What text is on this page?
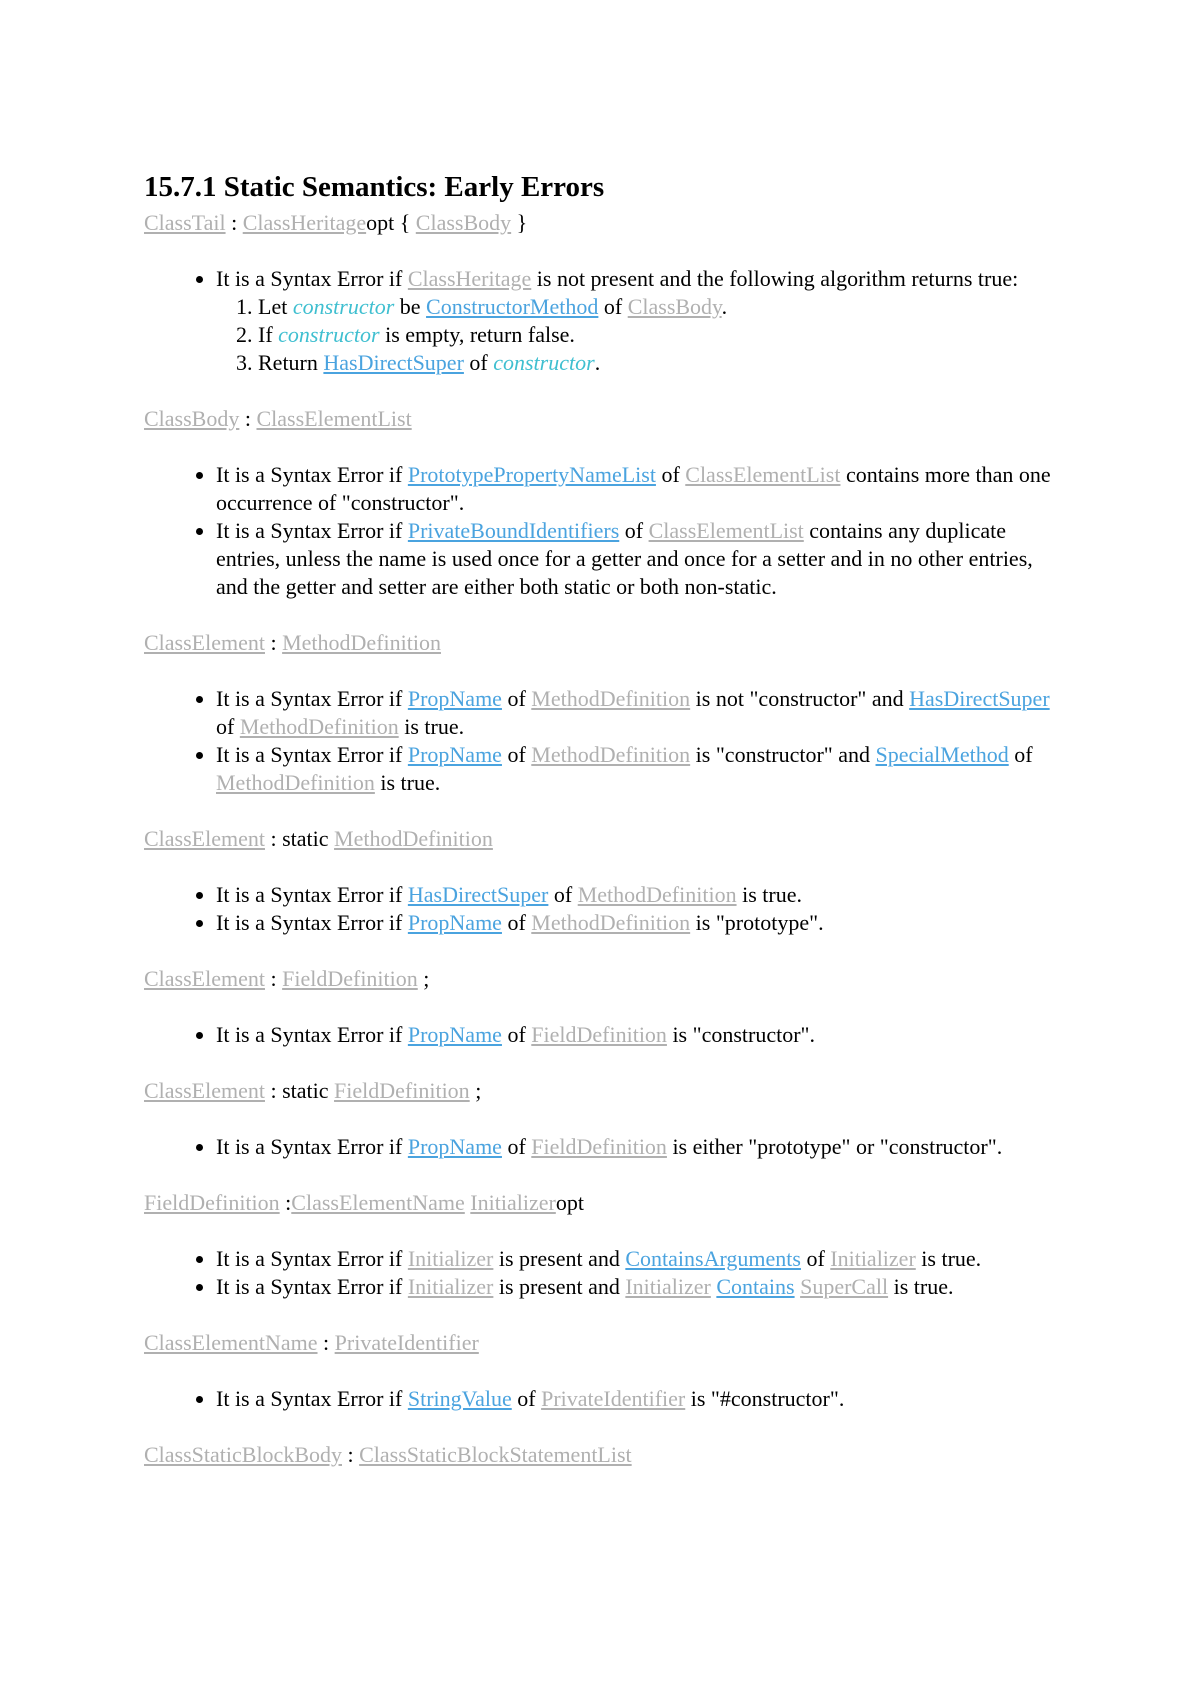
15.7.1 Static Semantics: Early Errors

ClassTail : ClassHeritageopt { ClassBody }

• It is a Syntax Error if ClassHeritage is not present and the following algorithm returns true:
1. Let constructor be ConstructorMethod of ClassBody.
2. If constructor is empty, return false.
3. Return HasDirectSuper of constructor.

ClassBody : ClassElementList

• It is a Syntax Error if PrototypePropertyNameList of ClassElementList contains more than one occurrence of "constructor".
• It is a Syntax Error if PrivateBoundIdentifiers of ClassElementList contains any duplicate entries, unless the name is used once for a getter and once for a setter and in no other entries, and the getter and setter are either both static or both non-static.

ClassElement : MethodDefinition

• It is a Syntax Error if PropName of MethodDefinition is not "constructor" and HasDirectSuper of MethodDefinition is true.
• It is a Syntax Error if PropName of MethodDefinition is "constructor" and SpecialMethod of MethodDefinition is true.

ClassElement : static MethodDefinition

• It is a Syntax Error if HasDirectSuper of MethodDefinition is true.
• It is a Syntax Error if PropName of MethodDefinition is "prototype".

ClassElement : FieldDefinition ;

• It is a Syntax Error if PropName of FieldDefinition is "constructor".

ClassElement : static FieldDefinition ;

• It is a Syntax Error if PropName of FieldDefinition is either "prototype" or "constructor".

FieldDefinition :ClassElementName Initializeropt

• It is a Syntax Error if Initializer is present and ContainsArguments of Initializer is true.
• It is a Syntax Error if Initializer is present and Initializer Contains SuperCall is true.

ClassElementName : PrivateIdentifier

• It is a Syntax Error if StringValue of PrivateIdentifier is "#constructor".

ClassStaticBlockBody : ClassStaticBlockStatementList
